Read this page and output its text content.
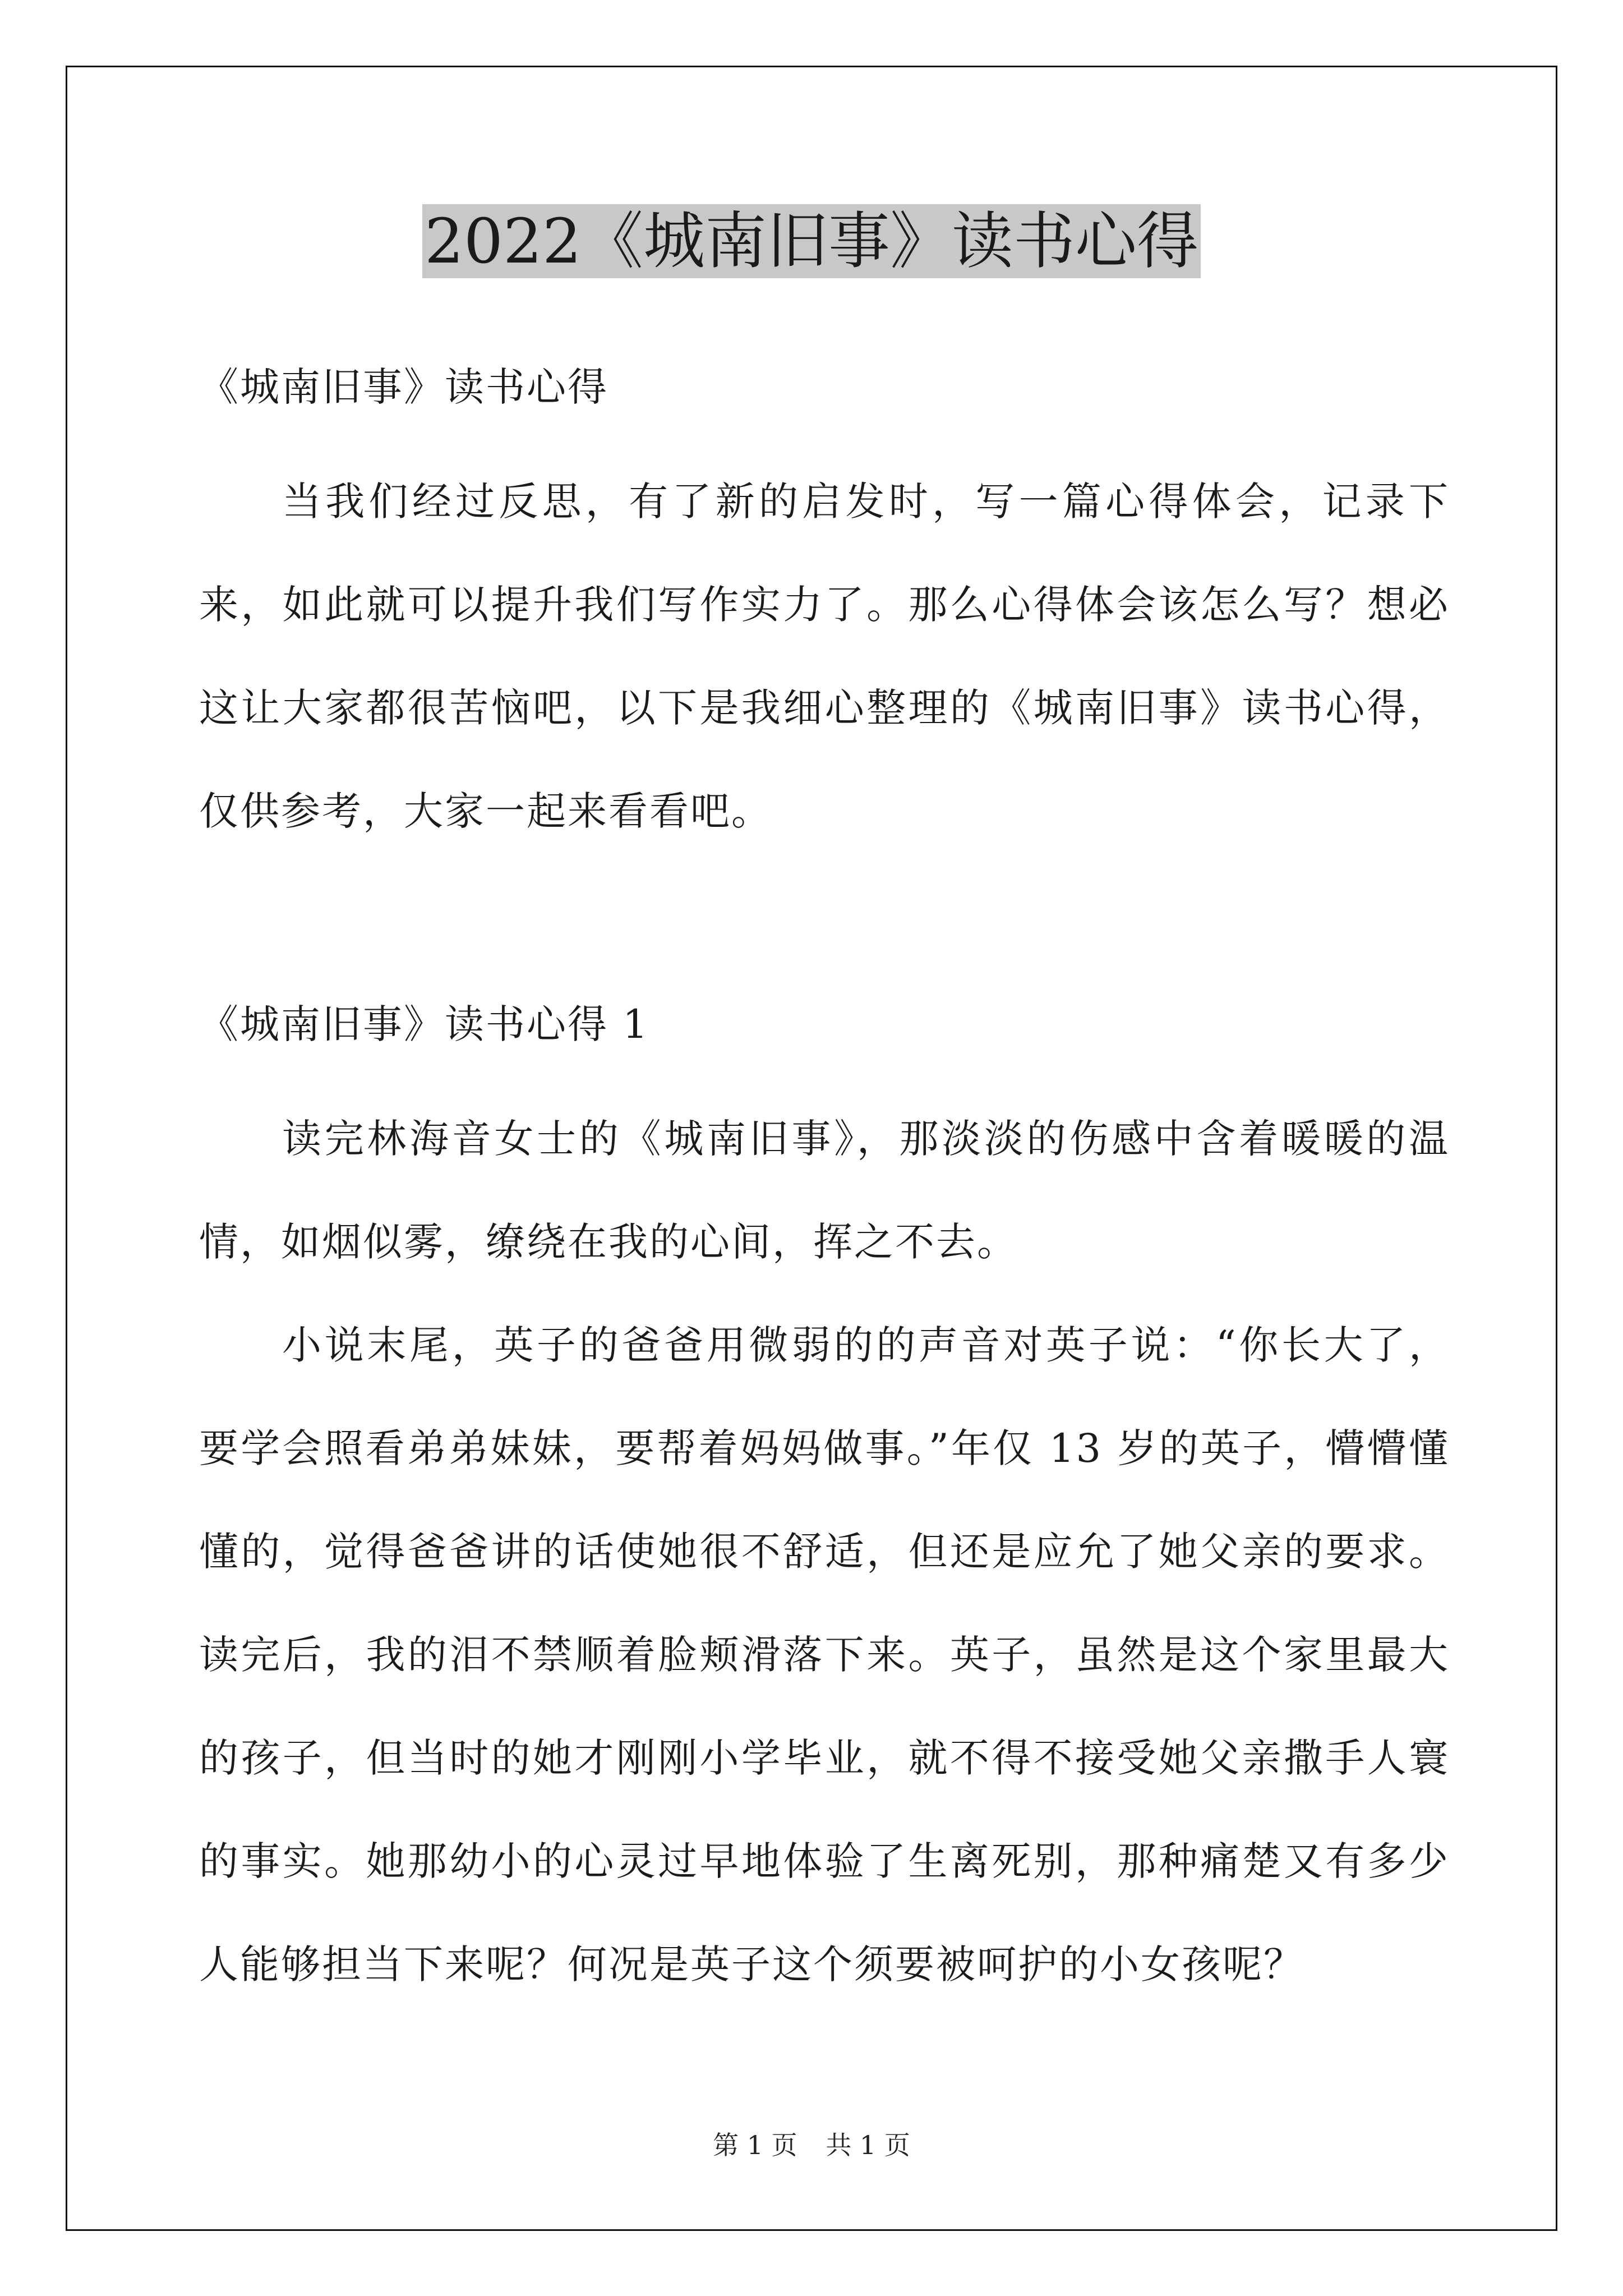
2022《城南旧事》读书心得

《城南旧事》读书心得

当我们经过反思，有了新的启发时，写一篇心得体会，记录下来，如此就可以提升我们写作实力了。那么心得体会该怎么写？想必这让大家都很苦恼吧，以下是我细心整理的《城南旧事》读书心得，仅供参考，大家一起来看看吧。

《城南旧事》读书心得 1

读完林海音女士的《城南旧事》，那淡淡的伤感中含着暖暖的温情，如烟似雾，缭绕在我的心间，挥之不去。

小说末尾，英子的爸爸用微弱的的声音对英子说：“你长大了，要学会照看弟弟妹妹，要帮着妈妈做事。”年仅 13 岁的英子，懵懵懂懂的，觉得爸爸讲的话使她很不舒适，但还是应允了她父亲的要求。读完后，我的泪不禁顺着脸颊滑落下来。英子，虽然是这个家里最大的孩子，但当时的她才刚刚小学毕业，就不得不接受她父亲撒手人寰的事实。她那幼小的心灵过早地体验了生离死别，那种痛楚又有多少人能够担当下来呢？何况是英子这个须要被呵护的小女孩呢？

第 1 页 共 1 页
